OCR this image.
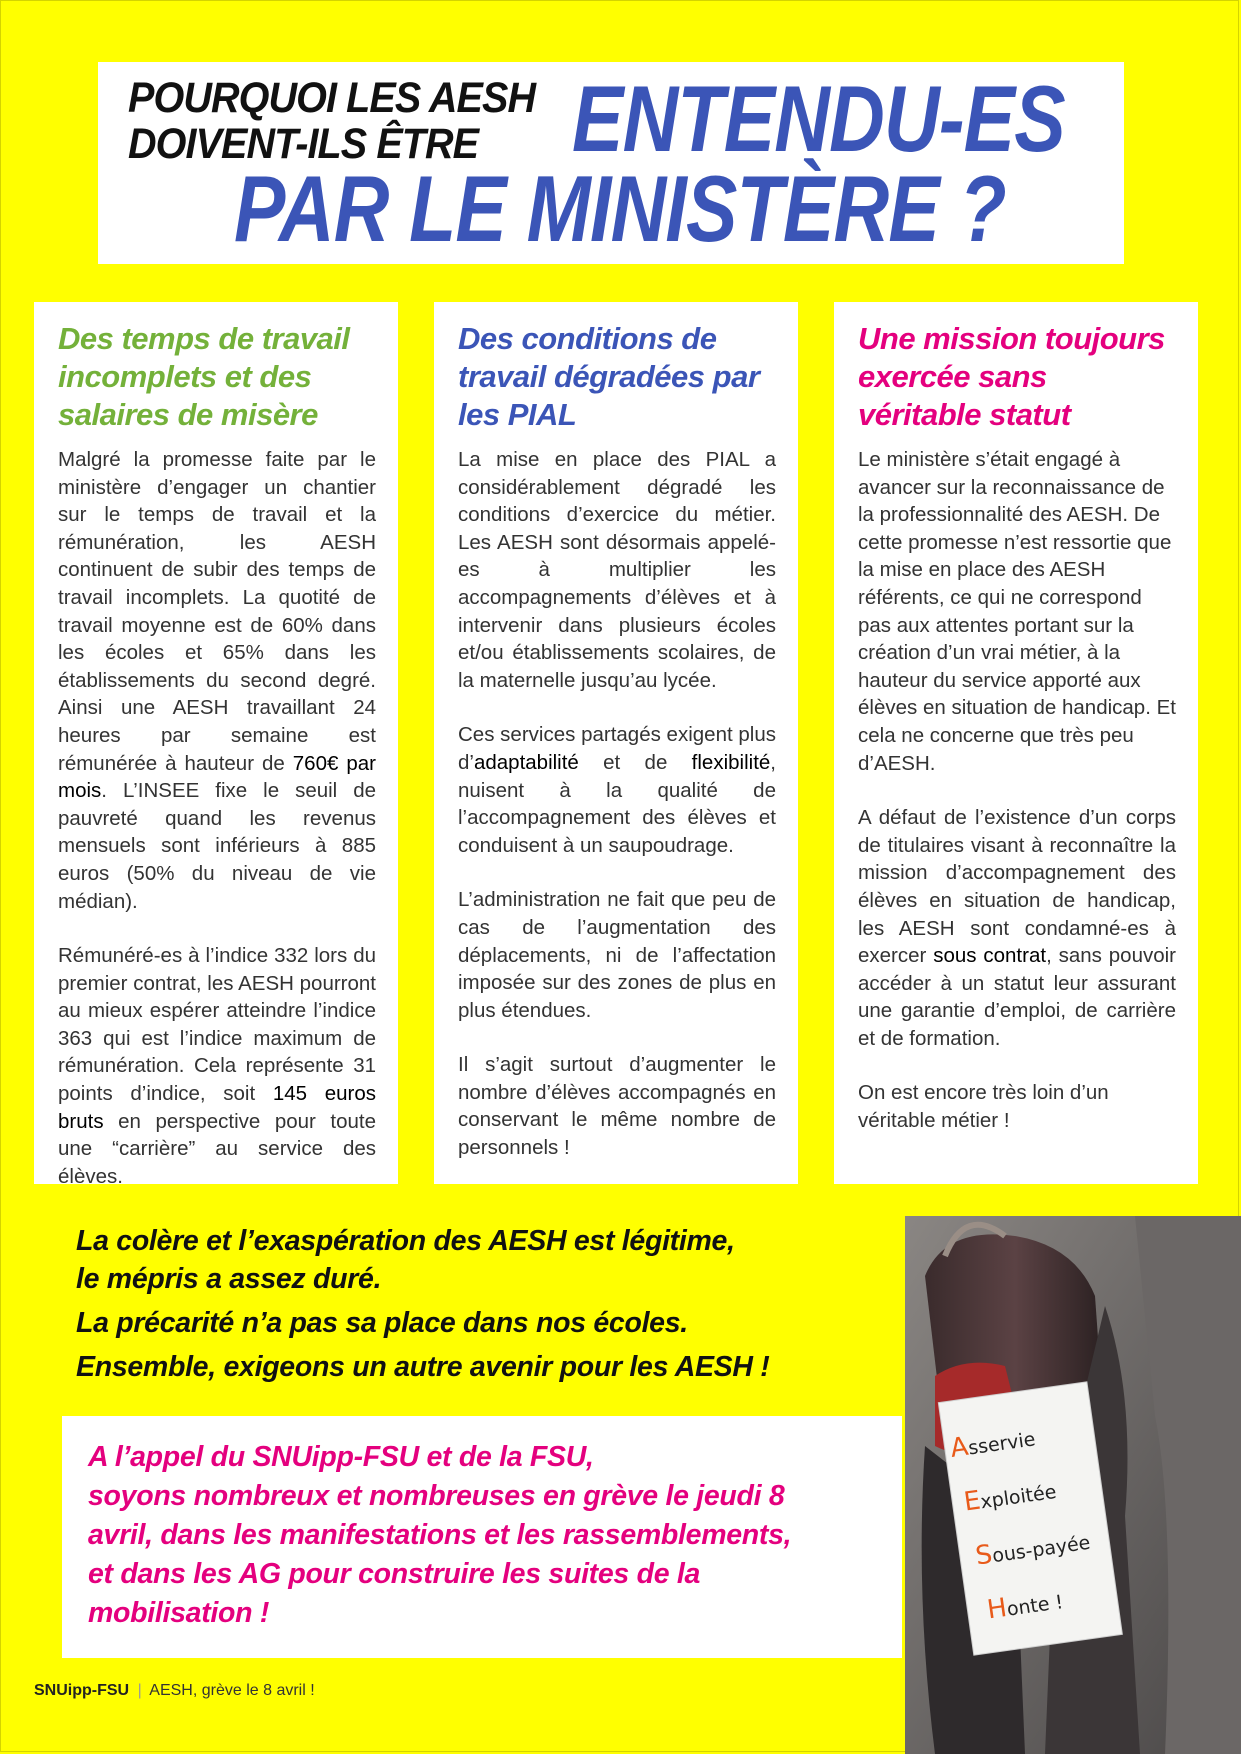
POURQUOI LES AESH
DOIVENT-ILS ÊTRE ENTENDU-ES
PAR LE MINISTÈRE ?
Des temps de travail incomplets et des salaires de misère

Malgré la promesse faite par le ministère d’engager un chantier sur le temps de travail et la rémunération, les AESH continuent de subir des temps de travail incomplets. La quotité de travail moyenne est de 60% dans les écoles et 65% dans les établissements du second degré. Ainsi une AESH travaillant 24 heures par semaine est rémunérée à hauteur de 760€ par mois. L’INSEE fixe le seuil de pauvreté quand les revenus mensuels sont inférieurs à 885 euros (50% du niveau de vie médian).

Rémunéré-es à l’indice 332 lors du premier contrat, les AESH pourront au mieux espérer atteindre l’indice 363 qui est l’indice maximum de rémunération. Cela représente 31 points d’indice, soit 145 euros bruts en perspective pour toute une “carrière” au service des élèves.

Des conditions de travail dégradées par les PIAL

La mise en place des PIAL a considérablement dégradé les conditions d’exercice du métier. Les AESH sont désormais appelé-es à multiplier les accompagnements d’élèves et à intervenir dans plusieurs écoles et/ou établissements scolaires, de la maternelle jusqu’au lycée.

Ces services partagés exigent plus d’adaptabilité et de flexibilité, nuisent à la qualité de l’accompagnement des élèves et conduisent à un saupoudrage.

L’administration ne fait que peu de cas de l’augmentation des déplacements, ni de l’affectation imposée sur des zones de plus en plus étendues.

Il s’agit surtout d’augmenter le nombre d’élèves accompagnés en conservant le même nombre de personnels !

Une mission toujours exercée sans véritable statut

Le ministère s’était engagé à avancer sur la reconnaissance de la professionnalité des AESH. De cette promesse n’est ressortie que la mise en place des AESH référents, ce qui ne correspond pas aux attentes portant sur la création d’un vrai métier, à la hauteur du service apporté aux élèves en situation de handicap. Et cela ne concerne que très peu d’AESH.

A défaut de l’existence d’un corps de titulaires visant à reconnaître la mission d’accompagnement des élèves en situation de handicap, les AESH sont condamné-es à exercer sous contrat, sans pouvoir accéder à un statut leur assurant une garantie d’emploi, de carrière et de formation.

On est encore très loin d’un véritable métier !

La colère et l’exaspération des AESH est légitime,
le mépris a assez duré.
La précarité n’a pas sa place dans nos écoles.
Ensemble, exigeons un autre avenir pour les AESH !
A l’appel du SNUipp-FSU et de la FSU,
soyons nombreux et nombreuses en grève le jeudi 8
avril, dans les manifestations et les rassemblements,
et dans les AG pour construire les suites de la
mobilisation !
SNUipp-FSU | AESH, grève le 8 avril !
Asservie
Exploitée
Sous-payée
Honte !
